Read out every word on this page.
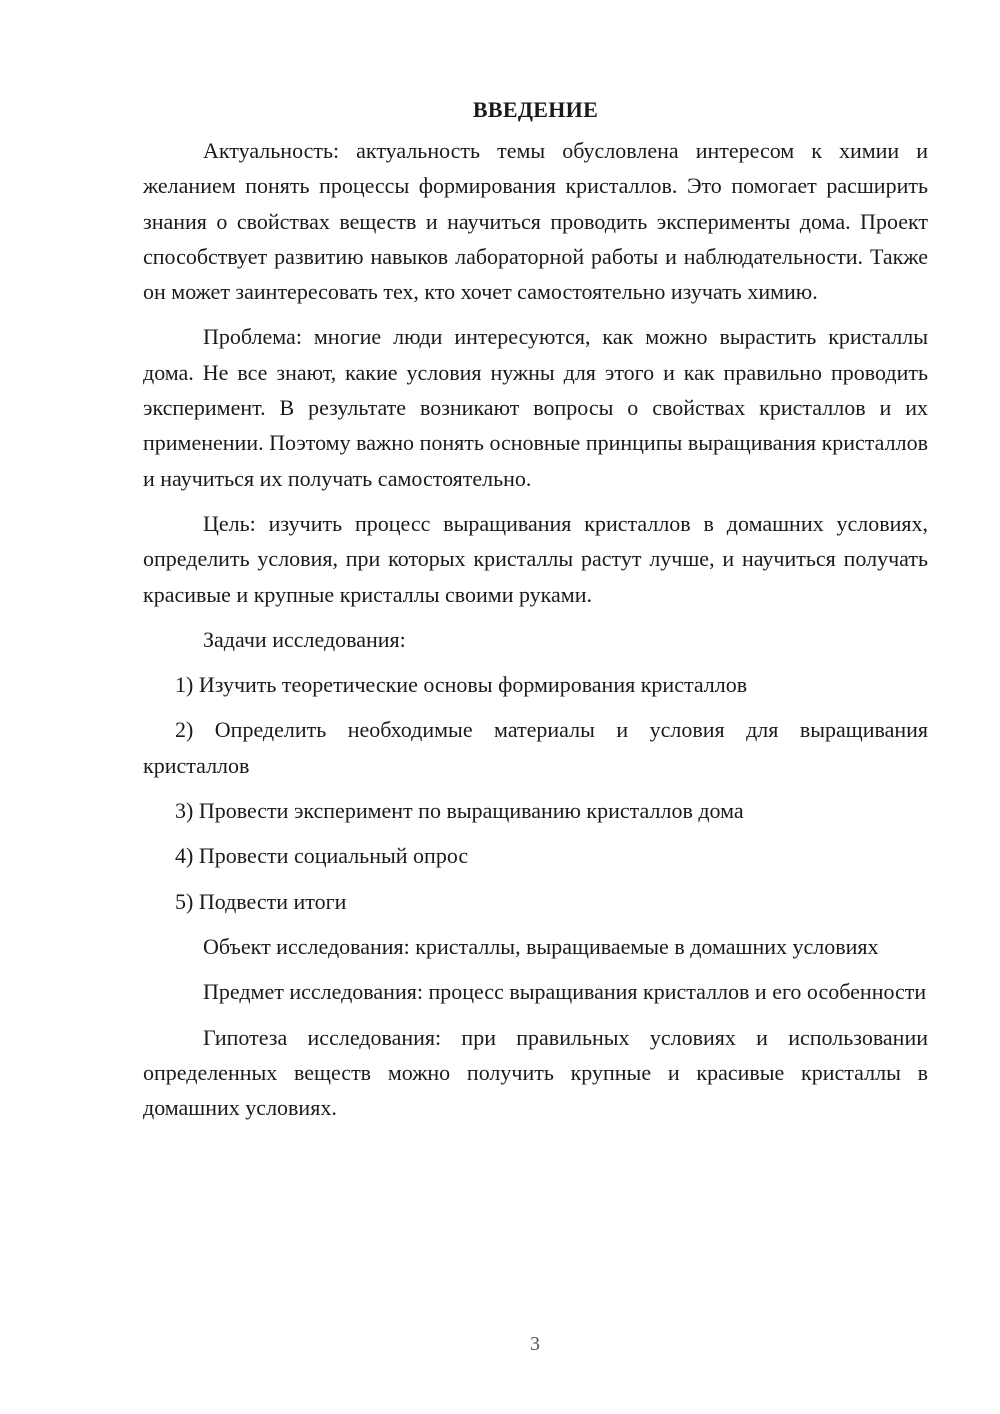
ВВЕДЕНИЕ

Актуальность: актуальность темы обусловлена интересом к химии и желанием понять процессы формирования кристаллов. Это помогает расширить знания о свойствах веществ и научиться проводить эксперименты дома. Проект способствует развитию навыков лабораторной работы и наблюдательности. Также он может заинтересовать тех, кто хочет самостоятельно изучать химию.

Проблема: многие люди интересуются, как можно вырастить кристаллы дома. Не все знают, какие условия нужны для этого и как правильно проводить эксперимент. В результате возникают вопросы о свойствах кристаллов и их применении. Поэтому важно понять основные принципы выращивания кристаллов и научиться их получать самостоятельно.

Цель: изучить процесс выращивания кристаллов в домашних условиях, определить условия, при которых кристаллы растут лучше, и научиться получать красивые и крупные кристаллы своими руками.

Задачи исследования:

1) Изучить теоретические основы формирования кристаллов

2) Определить необходимые материалы и условия для выращивания кристаллов

3) Провести эксперимент по выращиванию кристаллов дома

4) Провести социальный опрос

5) Подвести итоги

Объект исследования: кристаллы, выращиваемые в домашних условиях

Предмет исследования: процесс выращивания кристаллов и его особенности

Гипотеза исследования: при правильных условиях и использовании определенных веществ можно получить крупные и красивые кристаллы в домашних условиях.

3
